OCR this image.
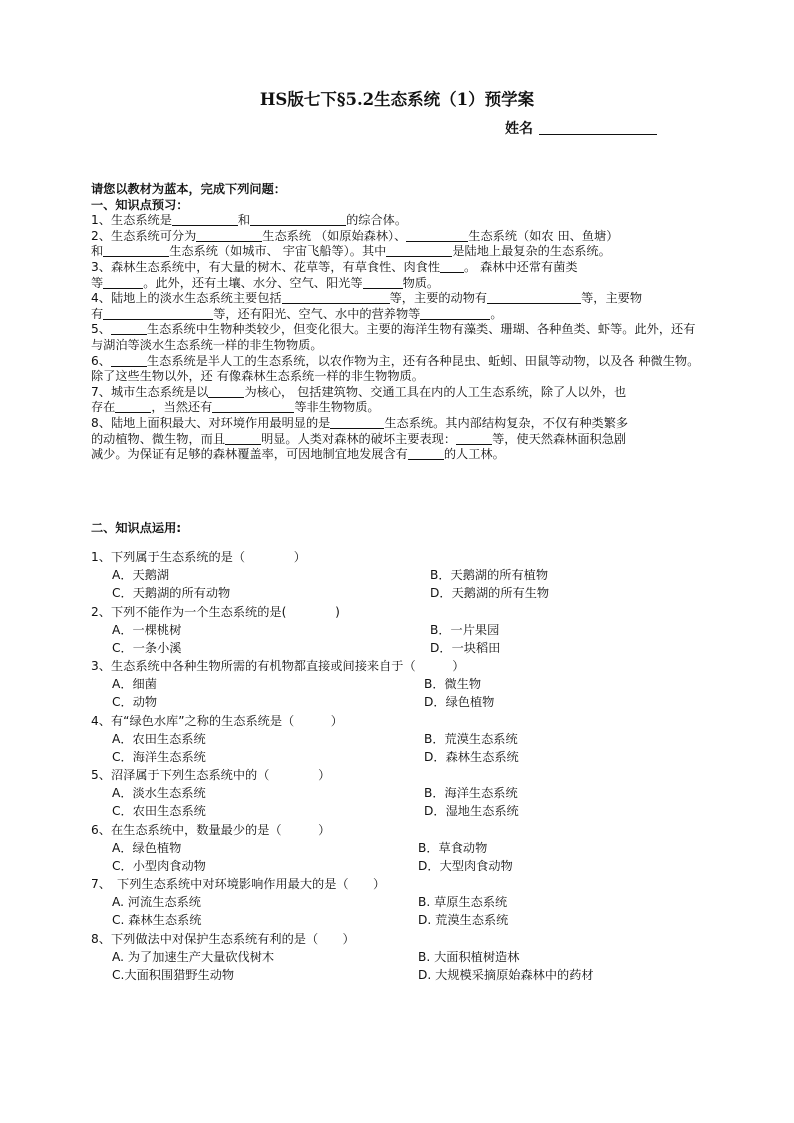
HS版七下§5.2生态系统（1）预学案
姓名

请您以教材为蓝本，完成下列问题：

一、知识点预习：

1、生态系统是	和	的综合体。

2、生态系统可分为	生态系统 （如原始森林）、	生态系统（如农 田、鱼塘）
和	生态系统（如城市、 宇宙飞船等）。其中	是陆地上最复杂的生态系统。

3、森林生态系统中，有大量的树木、花草等，有草食性、肉食性 。 森林中还常有菌类
等	。此外，还有土壤、水分、空气、阳光等	物质。

4、陆地上的淡水生态系统主要包括	等，主要的动物有	等，主要物
有	等，还有阳光、空气、水中的营养物等	。

5、	生态系统中生物种类较少，但变化很大。主要的海洋生物有藻类、珊瑚、各种鱼类、虾等。此外，还有与湖泊等淡水生态系统一样的非生物物质。

6、	生态系统是半人工的生态系统，以农作物为主，还有各种昆虫、蚯蚓、田鼠等动物，以及各 种微生物。除了这些生物以外，还 有像森林生态系统一样的非生物物质。

7、城市生态系统是以	为核心， 包括建筑物、交通工具在内的人工生态系统，除了人以外，也
存在	，当然还有	等非生物物质。

8、陆地上面积最大、对环境作用最明显的是	生态系统。其内部结构复杂，不仅有种类繁多
的动植物、微生物，而且	明显。人类对森林的破坏主要表现：	等，使天然森林面积急剧
减少。为保证有足够的森林覆盖率，可因地制宜地发展含有	的人工林。

二、知识点运用:
1、下列属于生态系统的是（　　　　）
A．天鹅湖	B．天鹅湖的所有植物
C．天鹅湖的所有动物	D．天鹅湖的所有生物
2、下列不能作为一个生态系统的是(　　　　)
A．一棵桃树	B．一片果园
C．一条小溪	D．一块稻田
3、生态系统中各种生物所需的有机物都直接或间接来自于（　　　）
A．细菌	B．微生物
C．动物	D．绿色植物
4、有“绿色水库”之称的生态系统是（　　　）
A．农田生态系统	B．荒漠生态系统
C．海洋生态系统	D．森林生态系统
5、沼泽属于下列生态系统中的（　　　　）
A．淡水生态系统	B．海洋生态系统
C．农田生态系统	D．湿地生态系统
6、在生态系统中，数量最少的是（　　　）
A．绿色植物	B．草食动物
C．小型肉食动物	D．大型肉食动物
7、　下列生态系统中对环境影响作用最大的是（　　）
A. 河流生态系统	B. 草原生态系统
C. 森林生态系统	D. 荒漠生态系统
8、下列做法中对保护生态系统有利的是（　　）
A. 为了加速生产大量砍伐树木	B. 大面积植树造林
C.大面积围猎野生动物	D. 大规模采摘原始森林中的药材
